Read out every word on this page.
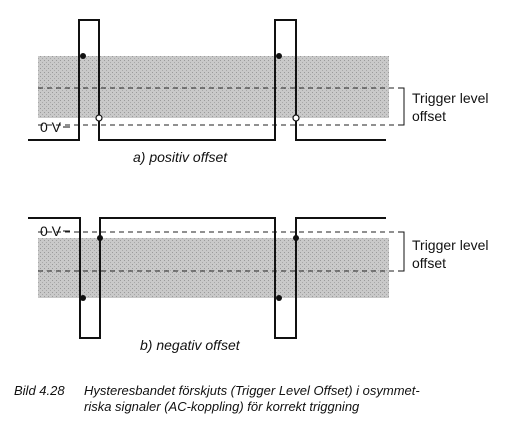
0 V
Trigger level
offset
a) positiv offset
0 V
Trigger level
offset
b) negativ offset
Bild 4.28 Hysteresbandet förskjuts (Trigger Level Offset) i osymmet-
riska signaler (AC-koppling) för korrekt triggning
